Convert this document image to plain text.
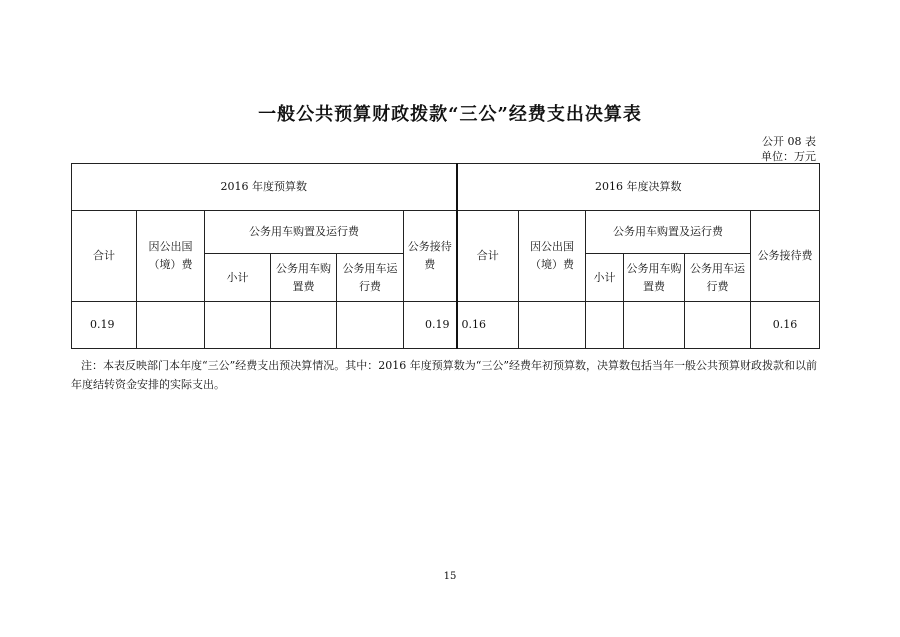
一般公共预算财政拨款“三公”经费支出决算表
公开 08 表
单位：万元
2016 年度预算数						2016 年度决算数					
合计	因公出国（境）费	公务用车购置及运行费			公务接待费	合计	因公出国（境）费	公务用车购置及运行费			公务接待费
		小计	公务用车购置费	公务用车运行费				小计	公务用车购置费	公务用车运行费	
0.19					0.19	0.16					0.16
注：本表反映部门本年度“三公”经费支出预决算情况。其中：2016 年度预算数为“三公”经费年初预算数，决算数包括当年一般公共预算财政拨款和以前年度结转资金安排的实际支出。
15
